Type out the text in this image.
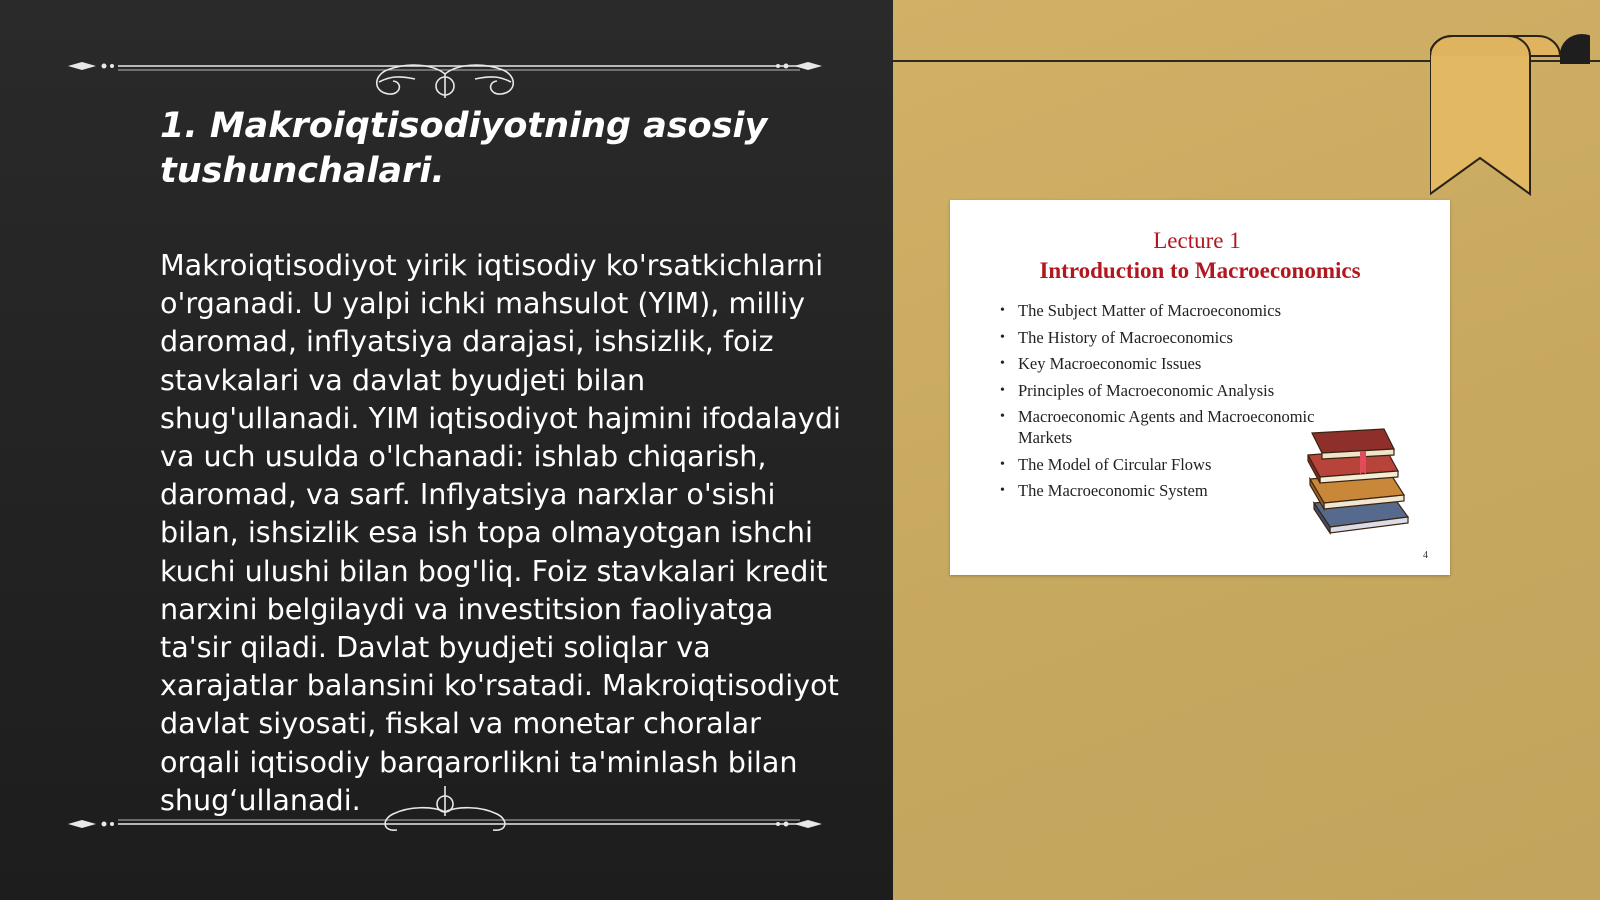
1. Makroiqtisodiyotning asosiy tushunchalari.

Makroiqtisodiyot yirik iqtisodiy ko'rsatkichlarni o'rganadi. U yalpi ichki mahsulot (YIM), milliy daromad, inflyatsiya darajasi, ishsizlik, foiz stavkalari va davlat byudjeti bilan shug'ullanadi. YIM iqtisodiyot hajmini ifodalaydi va uch usulda o'lchanadi: ishlab chiqarish, daromad, va sarf. Inflyatsiya narxlar o'sishi bilan, ishsizlik esa ish topa olmayotgan ishchi kuchi ulushi bilan bog'liq. Foiz stavkalari kredit narxini belgilaydi va investitsion faoliyatga ta'sir qiladi. Davlat byudjeti soliqlar va xarajatlar balansini ko'rsatadi. Makroiqtisodiyot davlat siyosati, fiskal va monetar choralar orqali iqtisodiy barqarorlikni ta'minlash bilan shug‘ullanadi.

Lecture 1
Introduction to Macroeconomics
• The Subject Matter of Macroeconomics
• The History of Macroeconomics
• Key Macroeconomic Issues
• Principles of Macroeconomic Analysis
• Macroeconomic Agents and Macroeconomic Markets
• The Model of Circular Flows
• The Macroeconomic System
4
